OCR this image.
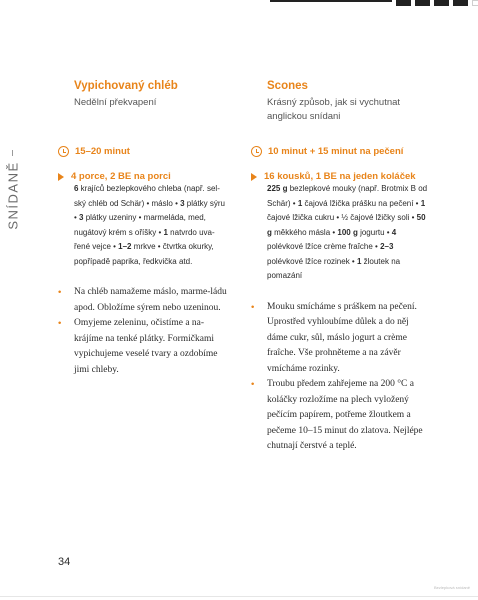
SNÍDANĚ
Vypichovaný chléb
Nedělní překvapení
15–20 minut
4 porce, 2 BE na porci
6 krajíců bezlepkového chleba (např. sel-ský chléb od Schär) • máslo • 3 plátky sýru • 3 plátky uzeniny • marmeláda, med, nugátový krém s oříšky • 1 natvrdo uva-řené vejce • 1–2 mrkve • čtvrtka okurky, popřípadě paprika, ředkvička atd.
• Na chléb namažeme máslo, marme-ládu apod. Obložíme sýrem nebo uzeninou.
• Omyjeme zeleninu, očistíme a na-krájíme na tenké plátky. Formičkami vypichujeme veselé tvary a ozdobíme jimi chleby.
Scones
Krásný způsob, jak si vychutnat anglickou snídani
10 minut + 15 minut na pečení
16 kousků, 1 BE na jeden koláček
225 g bezlepkové mouky (např. Brotmix B od Schär) • 1 čajová lžička prášku na pečení • 1 čajové lžička cukru • ½ čajové lžičky soli • 50 g měkkého másla • 100 g jogurtu • 4 polévkové lžíce crème fraîche • 2–3 polévkové lžíce rozinek • 1 žloutek na pomazání
• Mouku smícháme s práškem na pečení. Uprostřed vyhloubíme důlek a do něj dáme cukr, sůl, máslo jogurt a crème fraîche. Vše prohněteme a na závěr vmícháme rozinky.
• Troubu předem zahřejeme na 200 °C a koláčky rozložíme na plech vyložený pečícím papírem, potřeme žloutkem a pečeme 10–15 minut do zlatova. Nejlépe chutnají čerstvé a teplé.
34
Bezlepková snídaně
